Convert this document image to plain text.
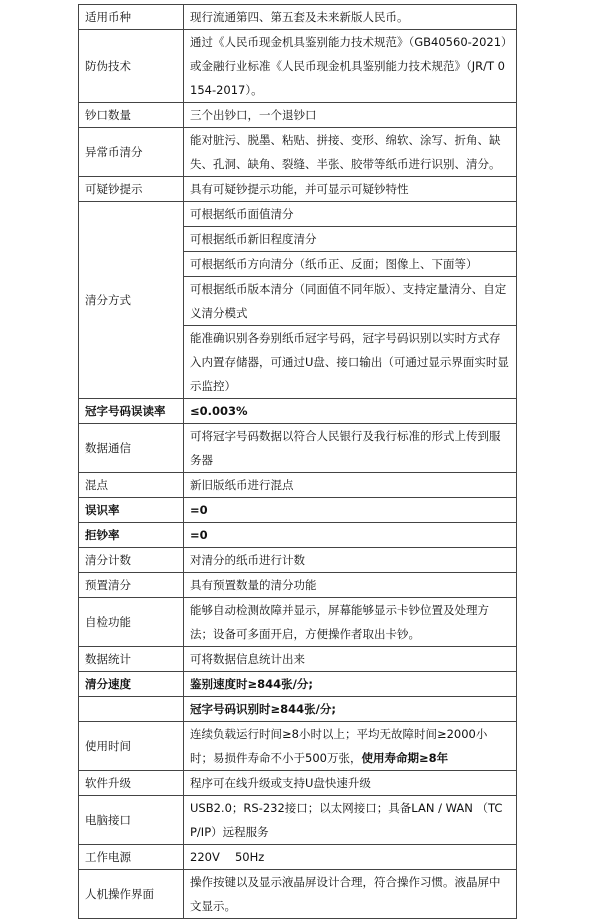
适用币种	现行流通第四、第五套及未来新版人民币。
防伪技术	通过《人民币现金机具鉴别能力技术规范》（GB40560-2021）或金融行业标准《人民币现金机具鉴别能力技术规范》（JR/T 0154-2017）。
钞口数量	三个出钞口，一个退钞口
异常币清分	能对脏污、脱墨、粘贴、拼接、变形、绵软、涂写、折角、缺失、孔洞、缺角、裂缝、半张、胶带等纸币进行识别、清分。
可疑钞提示	具有可疑钞提示功能，并可显示可疑钞特性
清分方式	可根据纸币面值清分
	可根据纸币新旧程度清分
	可根据纸币方向清分（纸币正、反面；图像上、下面等）
	可根据纸币版本清分（同面值不同年版）、支持定量清分、自定义清分模式
	能准确识别各券别纸币冠字号码，冠字号码识别以实时方式存入内置存储器，可通过U盘、接口输出（可通过显示界面实时显示监控）
冠字号码误读率	≤0.003%
数据通信	可将冠字号码数据以符合人民银行及我行标准的形式上传到服务器
混点	新旧版纸币进行混点
误识率	=0
拒钞率	=0
清分计数	对清分的纸币进行计数
预置清分	具有预置数量的清分功能
自检功能	能够自动检测故障并显示，屏幕能够显示卡钞位置及处理方法；设备可多面开启，方便操作者取出卡钞。
数据统计	可将数据信息统计出来
清分速度	鉴别速度时≥844张/分;
	冠字号码识别时≥844张/分;
使用时间	连续负载运行时间≥8小时以上；平均无故障时间≥2000小时；易损件寿命不小于500万张，使用寿命期≥8年
软件升级	程序可在线升级或支持U盘快速升级
电脑接口	USB2.0；RS-232接口；以太网接口；具备LAN / WAN （TCP/IP）远程服务
工作电源	220V　 50Hz
人机操作界面	操作按键以及显示液晶屏设计合理，符合操作习惯。液晶屏中文显示。
